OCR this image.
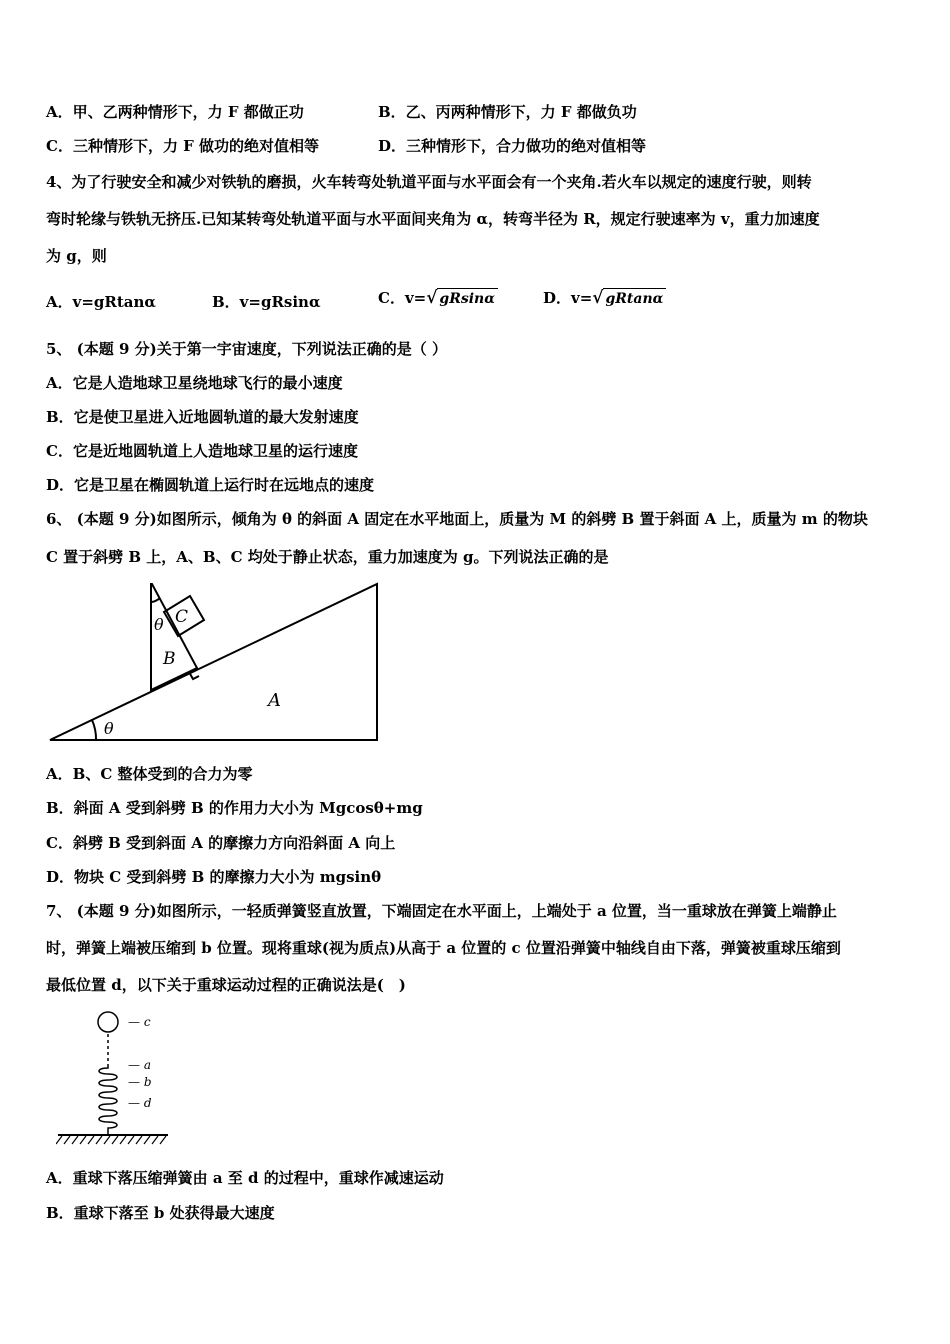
A．甲、乙两种情形下，力 F 都做正功	B．乙、丙两种情形下，力 F 都做负功
C．三种情形下，力 F 做功的绝对值相等	D．三种情形下，合力做功的绝对值相等
4、为了行驶安全和减少对铁轨的磨损，火车转弯处轨道平面与水平面会有一个夹角.若火车以规定的速度行驶，则转
弯时轮缘与铁轨无挤压.已知某转弯处轨道平面与水平面间夹角为 α，转弯半径为 R，规定行驶速率为 v，重力加速度
为 g，则
A．v=gRtanα	B．v=gRsinα	C．v=√ gRsinα	D．v=√ gRtanα
5、 (本题 9 分)关于第一宇宙速度，下列说法正确的是（ ）
A．它是人造地球卫星绕地球飞行的最小速度
B．它是使卫星进入近地圆轨道的最大发射速度
C．它是近地圆轨道上人造地球卫星的运行速度
D．它是卫星在椭圆轨道上运行时在远地点的速度
6、 (本题 9 分)如图所示，倾角为 θ 的斜面 A 固定在水平地面上，质量为 M 的斜劈 B 置于斜面 A 上，质量为 m 的物块
C 置于斜劈 B 上，A、B、C 均处于静止状态，重力加速度为 g。下列说法正确的是
A
B
C
θ
θ
A．B、C 整体受到的合力为零
B．斜面 A 受到斜劈 B 的作用力大小为 Mgcosθ+mg
C．斜劈 B 受到斜面 A 的摩擦力方向沿斜面 A 向上
D．物块 C 受到斜劈 B 的摩擦力大小为 mgsinθ
7、 (本题 9 分)如图所示，一轻质弹簧竖直放置，下端固定在水平面上，上端处于 a 位置，当一重球放在弹簧上端静止
时，弹簧上端被压缩到 b 位置。现将重球(视为质点)从高于 a 位置的 c 位置沿弹簧中轴线自由下落，弹簧被重球压缩到
最低位置 d，以下关于重球运动过程的正确说法是(　)
— c
— a
— b
— d
A．重球下落压缩弹簧由 a 至 d 的过程中，重球作减速运动
B．重球下落至 b 处获得最大速度
